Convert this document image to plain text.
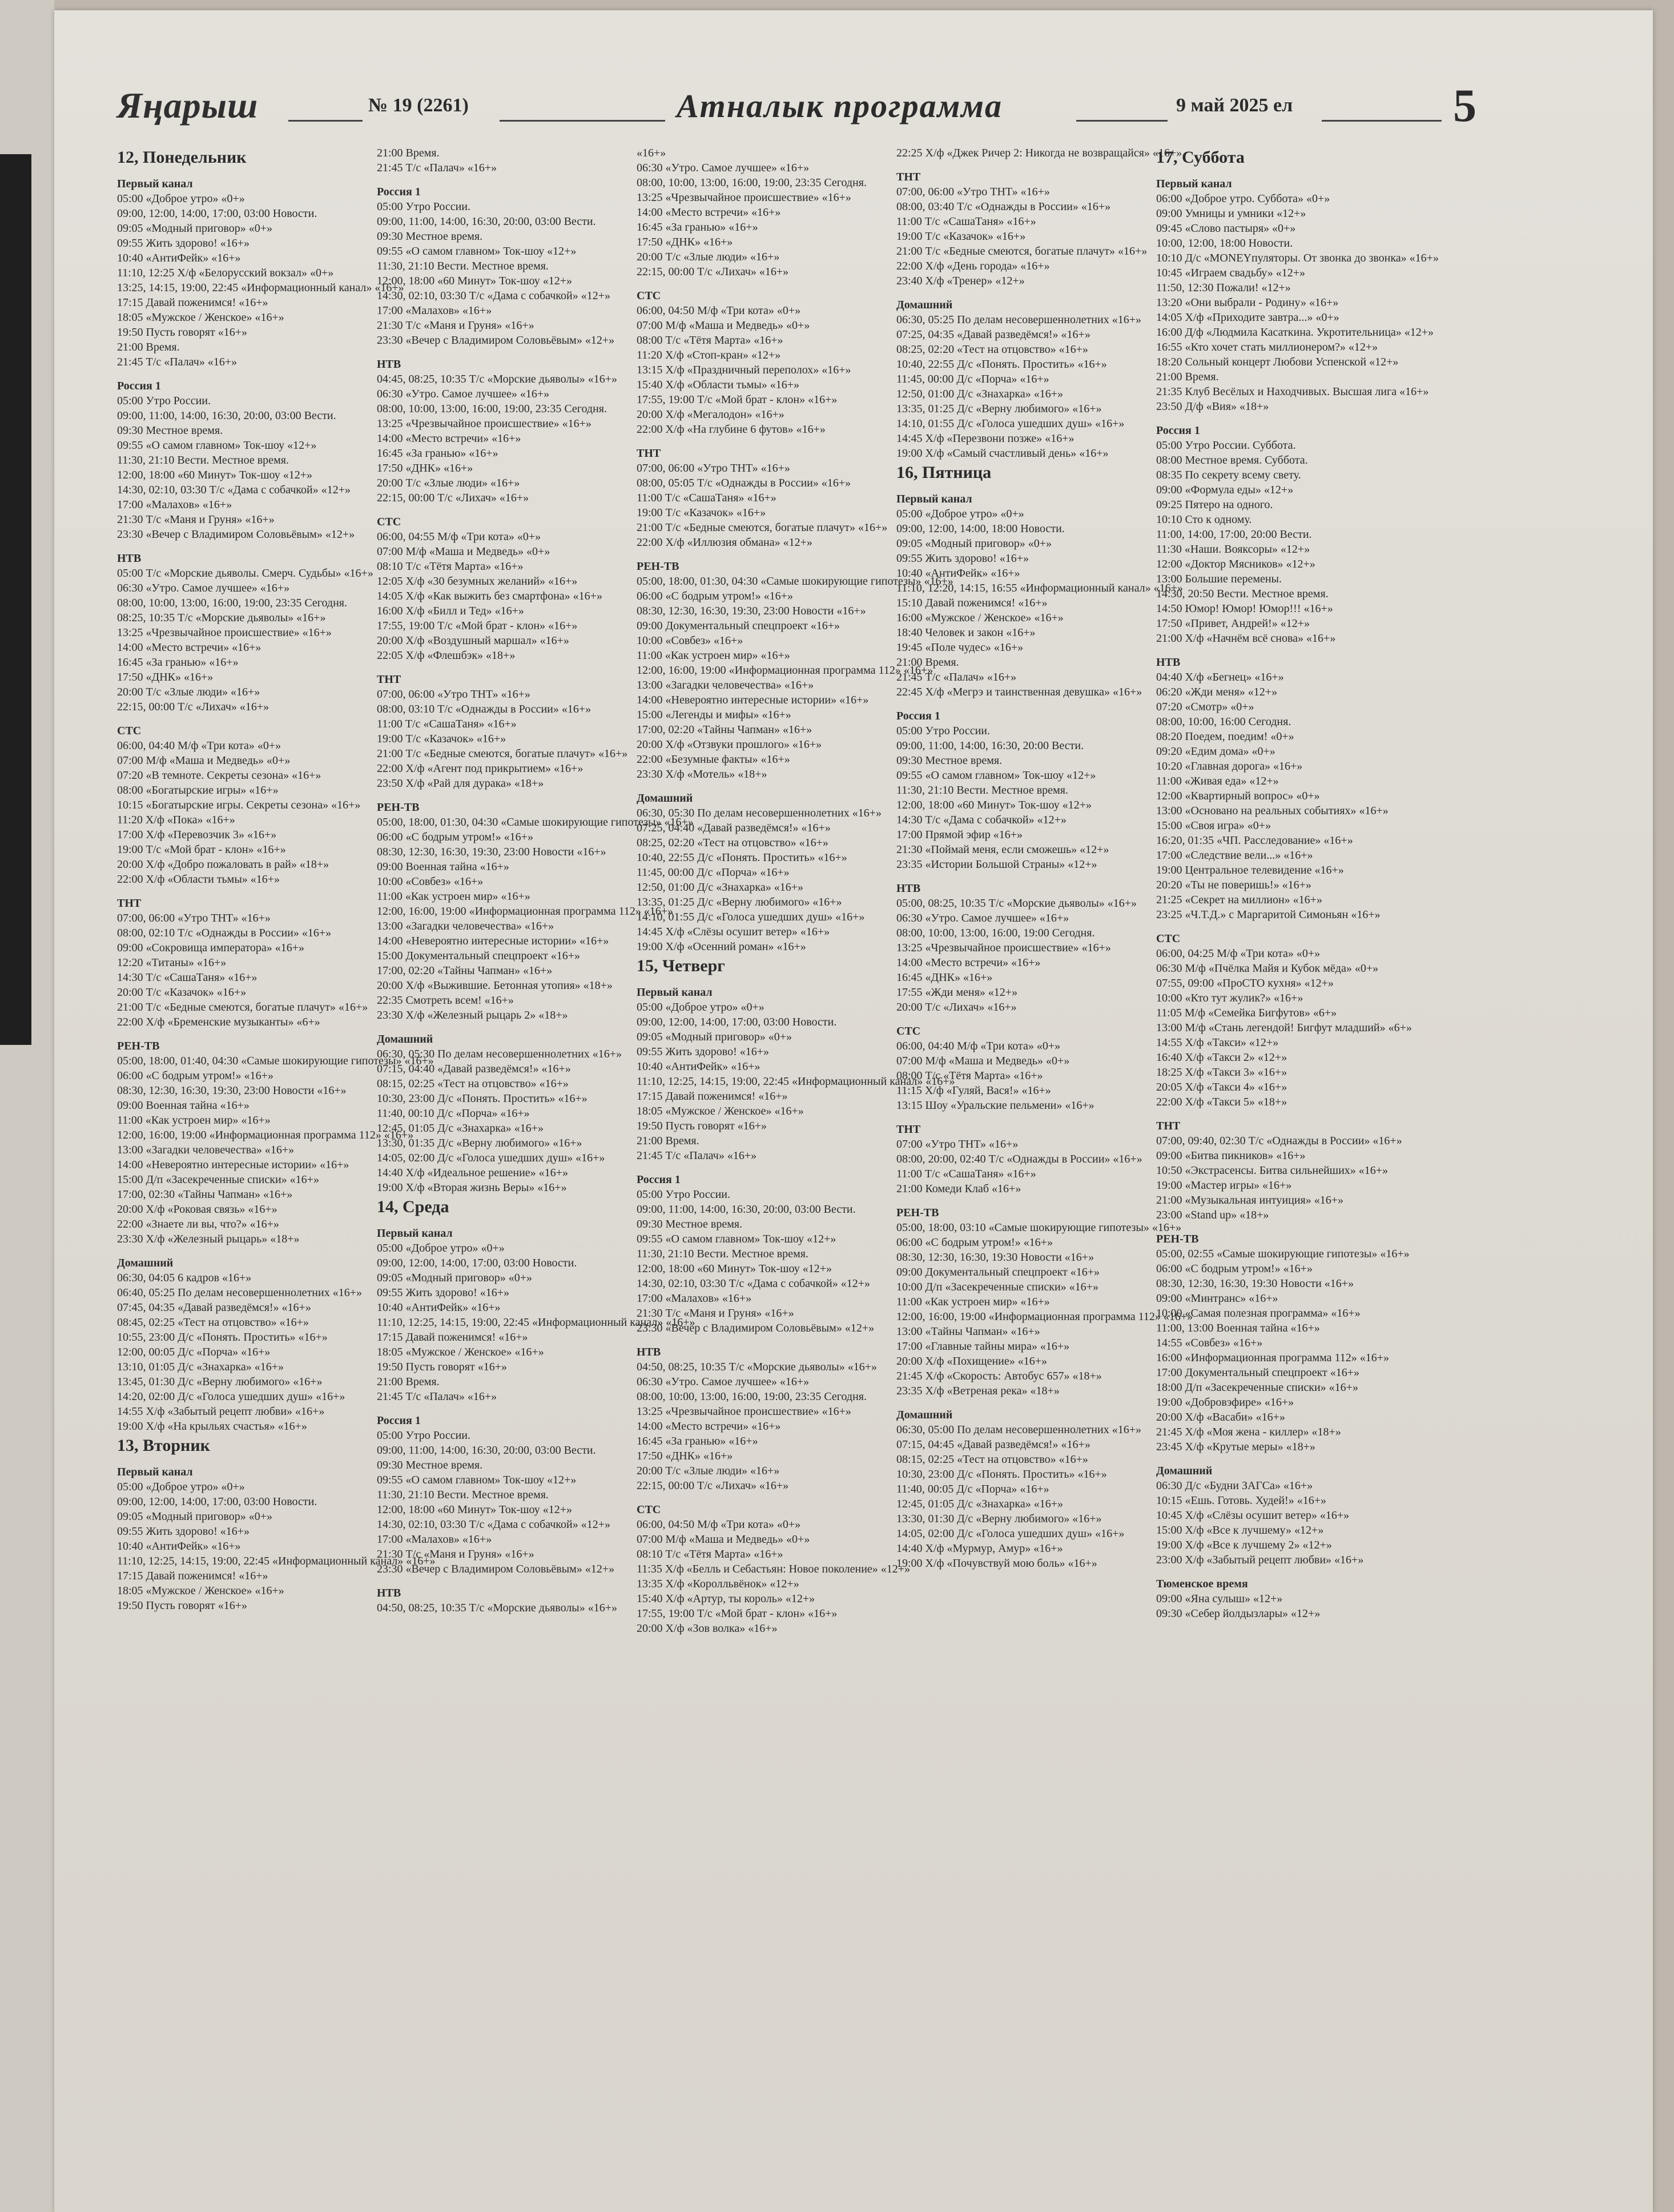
Яңарыш	№ 19 (2261)	Атналык программа	9 май 2025 ел	5
12, Понедельник
Первый канал
05:00 «Доброе утро» «0+»
09:00, 12:00, 14:00, 17:00, 03:00 Новости.
09:05 «Модный приговор» «0+»
09:55 Жить здорово! «16+»
10:40 «АнтиФейк» «16+»
11:10, 12:25 Х/ф «Белорусский вокзал» «0+»
13:25, 14:15, 19:00, 22:45 «Информационный канал» «16+»
17:15 Давай поженимся! «16+»
18:05 «Мужское / Женское» «16+»
19:50 Пусть говорят «16+»
21:00 Время.
21:45 Т/с «Палач» «16+»
Россия 1
05:00 Утро России.
09:00, 11:00, 14:00, 16:30, 20:00, 03:00 Вести.
09:30 Местное время.
09:55 «О самом главном» Ток-шоу «12+»
11:30, 21:10 Вести. Местное время.
12:00, 18:00 «60 Минут» Ток-шоу «12+»
14:30, 02:10, 03:30 Т/с «Дама с собачкой» «12+»
17:00 «Малахов» «16+»
21:30 Т/с «Маня и Груня» «16+»
23:30 «Вечер с Владимиром Соловьёвым» «12+»
НТВ
05:00 Т/с «Морские дьяволы. Смерч. Судьбы» «16+»
06:30 «Утро. Самое лучшее» «16+»
08:00, 10:00, 13:00, 16:00, 19:00, 23:35 Сегодня.
08:25, 10:35 Т/с «Морские дьяволы» «16+»
13:25 «Чрезвычайное происшествие» «16+»
14:00 «Место встречи» «16+»
16:45 «За гранью» «16+»
17:50 «ДНК» «16+»
20:00 Т/с «Злые люди» «16+»
22:15, 00:00 Т/с «Лихач» «16+»
СТС
06:00, 04:40 М/ф «Три кота» «0+»
07:00 М/ф «Маша и Медведь» «0+»
07:20 «В темноте. Секреты сезона» «16+»
08:00 «Богатырские игры» «16+»
10:15 «Богатырские игры. Секреты сезона» «16+»
11:20 Х/ф «Пока» «16+»
17:00 Х/ф «Перевозчик 3» «16+»
19:00 Т/с «Мой брат - клон» «16+»
20:00 Х/ф «Добро пожаловать в рай» «18+»
22:00 Х/ф «Области тьмы» «16+»
ТНТ
07:00, 06:00 «Утро ТНТ» «16+»
08:00, 02:10 Т/с «Однажды в России» «16+»
09:00 «Сокровища императора» «16+»
12:20 «Титаны» «16+»
14:30 Т/с «СашаТаня» «16+»
20:00 Т/с «Казачок» «16+»
21:00 Т/с «Бедные смеются, богатые плачут» «16+»
22:00 Х/ф «Бременские музыканты» «6+»
РЕН-ТВ
05:00, 18:00, 01:40, 04:30 «Самые шокирующие гипотезы» «16+»
06:00 «С бодрым утром!» «16+»
08:30, 12:30, 16:30, 19:30, 23:00 Новости «16+»
09:00 Военная тайна «16+»
11:00 «Как устроен мир» «16+»
12:00, 16:00, 19:00 «Информационная программа 112» «16+»
13:00 «Загадки человечества» «16+»
14:00 «Невероятно интересные истории» «16+»
15:00 Д/п «Засекреченные списки» «16+»
17:00, 02:30 «Тайны Чапман» «16+»
20:00 Х/ф «Роковая связь» «16+»
22:00 «Знаете ли вы, что?» «16+»
23:30 Х/ф «Железный рыцарь» «18+»
Домашний
06:30, 04:05 6 кадров «16+»
06:40, 05:25 По делам несовершеннолетних «16+»
07:45, 04:35 «Давай разведёмся!» «16+»
08:45, 02:25 «Тест на отцовство» «16+»
10:55, 23:00 Д/с «Понять. Простить» «16+»
12:00, 00:05 Д/с «Порча» «16+»
13:10, 01:05 Д/с «Знахарка» «16+»
13:45, 01:30 Д/с «Верну любимого» «16+»
14:20, 02:00 Д/с «Голоса ушедших душ» «16+»
14:55 Х/ф «Забытый рецепт любви» «16+»
19:00 Х/ф «На крыльях счастья» «16+»
13, Вторник
Первый канал
05:00 «Доброе утро» «0+»
09:00, 12:00, 14:00, 17:00, 03:00 Новости.
09:05 «Модный приговор» «0+»
09:55 Жить здорово! «16+»
10:40 «АнтиФейк» «16+»
11:10, 12:25, 14:15, 19:00, 22:45 «Информационный канал» «16+»
17:15 Давай поженимся! «16+»
18:05 «Мужское / Женское» «16+»
19:50 Пусть говорят «16+»
21:00 Время.
21:45 Т/с «Палач» «16+»
Россия 1
05:00 Утро России.
09:00, 11:00, 14:00, 16:30, 20:00, 03:00 Вести.
09:30 Местное время.
09:55 «О самом главном» Ток-шоу «12+»
11:30, 21:10 Вести. Местное время.
12:00, 18:00 «60 Минут» Ток-шоу «12+»
14:30, 02:10, 03:30 Т/с «Дама с собачкой» «12+»
17:00 «Малахов» «16+»
21:30 Т/с «Маня и Груня» «16+»
23:30 «Вечер с Владимиром Соловьёвым» «12+»
НТВ
04:45, 08:25, 10:35 Т/с «Морские дьяволы» «16+»
06:30 «Утро. Самое лучшее» «16+»
08:00, 10:00, 13:00, 16:00, 19:00, 23:35 Сегодня.
13:25 «Чрезвычайное происшествие» «16+»
14:00 «Место встречи» «16+»
16:45 «За гранью» «16+»
17:50 «ДНК» «16+»
20:00 Т/с «Злые люди» «16+»
22:15, 00:00 Т/с «Лихач» «16+»
СТС
06:00, 04:55 М/ф «Три кота» «0+»
07:00 М/ф «Маша и Медведь» «0+»
08:10 Т/с «Тётя Марта» «16+»
12:05 Х/ф «30 безумных желаний» «16+»
14:05 Х/ф «Как выжить без смартфона» «16+»
16:00 Х/ф «Билл и Тед» «16+»
17:55, 19:00 Т/с «Мой брат - клон» «16+»
20:00 Х/ф «Воздушный маршал» «16+»
22:05 Х/ф «Флешбэк» «18+»
ТНТ
07:00, 06:00 «Утро ТНТ» «16+»
08:00, 03:10 Т/с «Однажды в России» «16+»
11:00 Т/с «СашаТаня» «16+»
19:00 Т/с «Казачок» «16+»
21:00 Т/с «Бедные смеются, богатые плачут» «16+»
22:00 Х/ф «Агент под прикрытием» «16+»
23:50 Х/ф «Рай для дурака» «18+»
РЕН-ТВ
05:00, 18:00, 01:30, 04:30 «Самые шокирующие гипотезы» «16+»
06:00 «С бодрым утром!» «16+»
08:30, 12:30, 16:30, 19:30, 23:00 Новости «16+»
09:00 Военная тайна «16+»
10:00 «Совбез» «16+»
11:00 «Как устроен мир» «16+»
12:00, 16:00, 19:00 «Информационная программа 112» «16+»
13:00 «Загадки человечества» «16+»
14:00 «Невероятно интересные истории» «16+»
15:00 Документальный спецпроект «16+»
17:00, 02:20 «Тайны Чапман» «16+»
20:00 Х/ф «Выжившие. Бетонная утопия» «18+»
22:35 Смотреть всем! «16+»
23:30 Х/ф «Железный рыцарь 2» «18+»
Домашний
06:30, 05:30 По делам несовершеннолетних «16+»
07:15, 04:40 «Давай разведёмся!» «16+»
08:15, 02:25 «Тест на отцовство» «16+»
10:30, 23:00 Д/с «Понять. Простить» «16+»
11:40, 00:10 Д/с «Порча» «16+»
12:45, 01:05 Д/с «Знахарка» «16+»
13:30, 01:35 Д/с «Верну любимого» «16+»
14:05, 02:00 Д/с «Голоса ушедших душ» «16+»
14:40 Х/ф «Идеальное решение» «16+»
19:00 Х/ф «Вторая жизнь Веры» «16+»
14, Среда
Первый канал
05:00 «Доброе утро» «0+»
09:00, 12:00, 14:00, 17:00, 03:00 Новости.
09:05 «Модный приговор» «0+»
09:55 Жить здорово! «16+»
10:40 «АнтиФейк» «16+»
11:10, 12:25, 14:15, 19:00, 22:45 «Информационный канал» «16+»
17:15 Давай поженимся! «16+»
18:05 «Мужское / Женское» «16+»
19:50 Пусть говорят «16+»
21:00 Время.
21:45 Т/с «Палач» «16+»
Россия 1
05:00 Утро России.
09:00, 11:00, 14:00, 16:30, 20:00, 03:00 Вести.
09:30 Местное время.
09:55 «О самом главном» Ток-шоу «12+»
11:30, 21:10 Вести. Местное время.
12:00, 18:00 «60 Минут» Ток-шоу «12+»
14:30, 02:10, 03:30 Т/с «Дама с собачкой» «12+»
17:00 «Малахов» «16+»
21:30 Т/с «Маня и Груня» «16+»
23:30 «Вечер с Владимиром Соловьёвым» «12+»
НТВ
04:50, 08:25, 10:35 Т/с «Морские дьяволы» «16+»
«16+»
06:30 «Утро. Самое лучшее» «16+»
08:00, 10:00, 13:00, 16:00, 19:00, 23:35 Сегодня.
13:25 «Чрезвычайное происшествие» «16+»
14:00 «Место встречи» «16+»
16:45 «За гранью» «16+»
17:50 «ДНК» «16+»
20:00 Т/с «Злые люди» «16+»
22:15, 00:00 Т/с «Лихач» «16+»
СТС
06:00, 04:50 М/ф «Три кота» «0+»
07:00 М/ф «Маша и Медведь» «0+»
08:00 Т/с «Тётя Марта» «16+»
11:20 Х/ф «Стоп-кран» «12+»
13:15 Х/ф «Праздничный переполох» «16+»
15:40 Х/ф «Области тьмы» «16+»
17:55, 19:00 Т/с «Мой брат - клон» «16+»
20:00 Х/ф «Мегалодон» «16+»
22:00 Х/ф «На глубине 6 футов» «16+»
ТНТ
07:00, 06:00 «Утро ТНТ» «16+»
08:00, 05:05 Т/с «Однажды в России» «16+»
11:00 Т/с «СашаТаня» «16+»
19:00 Т/с «Казачок» «16+»
21:00 Т/с «Бедные смеются, богатые плачут» «16+»
22:00 Х/ф «Иллюзия обмана» «12+»
РЕН-ТВ
05:00, 18:00, 01:30, 04:30 «Самые шокирующие гипотезы» «16+»
06:00 «С бодрым утром!» «16+»
08:30, 12:30, 16:30, 19:30, 23:00 Новости «16+»
09:00 Документальный спецпроект «16+»
10:00 «Совбез» «16+»
11:00 «Как устроен мир» «16+»
12:00, 16:00, 19:00 «Информационная программа 112» «16+»
13:00 «Загадки человечества» «16+»
14:00 «Невероятно интересные истории» «16+»
15:00 «Легенды и мифы» «16+»
17:00, 02:20 «Тайны Чапман» «16+»
20:00 Х/ф «Отзвуки прошлого» «16+»
22:00 «Безумные факты» «16+»
23:30 Х/ф «Мотель» «18+»
Домашний
06:30, 05:30 По делам несовершеннолетних «16+»
07:25, 04:40 «Давай разведёмся!» «16+»
08:25, 02:20 «Тест на отцовство» «16+»
10:40, 22:55 Д/с «Понять. Простить» «16+»
11:45, 00:00 Д/с «Порча» «16+»
12:50, 01:00 Д/с «Знахарка» «16+»
13:35, 01:25 Д/с «Верну любимого» «16+»
14:10, 01:55 Д/с «Голоса ушедших душ» «16+»
14:45 Х/ф «Слёзы осушит ветер» «16+»
19:00 Х/ф «Осенний роман» «16+»
15, Четверг
Первый канал
05:00 «Доброе утро» «0+»
09:00, 12:00, 14:00, 17:00, 03:00 Новости.
09:05 «Модный приговор» «0+»
09:55 Жить здорово! «16+»
10:40 «АнтиФейк» «16+»
11:10, 12:25, 14:15, 19:00, 22:45 «Информационный канал» «16+»
17:15 Давай поженимся! «16+»
18:05 «Мужское / Женское» «16+»
19:50 Пусть говорят «16+»
21:00 Время.
21:45 Т/с «Палач» «16+»
Россия 1
05:00 Утро России.
09:00, 11:00, 14:00, 16:30, 20:00, 03:00 Вести.
09:30 Местное время.
09:55 «О самом главном» Ток-шоу «12+»
11:30, 21:10 Вести. Местное время.
12:00, 18:00 «60 Минут» Ток-шоу «12+»
14:30, 02:10, 03:30 Т/с «Дама с собачкой» «12+»
17:00 «Малахов» «16+»
21:30 Т/с «Маня и Груня» «16+»
23:30 «Вечер с Владимиром Соловьёвым» «12+»
НТВ
04:50, 08:25, 10:35 Т/с «Морские дьяволы» «16+»
06:30 «Утро. Самое лучшее» «16+»
08:00, 10:00, 13:00, 16:00, 19:00, 23:35 Сегодня.
13:25 «Чрезвычайное происшествие» «16+»
14:00 «Место встречи» «16+»
16:45 «За гранью» «16+»
17:50 «ДНК» «16+»
20:00 Т/с «Злые люди» «16+»
22:15, 00:00 Т/с «Лихач» «16+»
СТС
06:00, 04:50 М/ф «Три кота» «0+»
07:00 М/ф «Маша и Медведь» «0+»
08:10 Т/с «Тётя Марта» «16+»
11:35 Х/ф «Белль и Себастьян: Новое поколение» «12+»
13:35 Х/ф «Королльвёнок» «12+»
15:40 Х/ф «Артур, ты король» «12+»
17:55, 19:00 Т/с «Мой брат - клон» «16+»
20:00 Х/ф «Зов волка» «16+»
22:25 Х/ф «Джек Ричер 2: Никогда не возвращайся» «16+»
ТНТ
07:00, 06:00 «Утро ТНТ» «16+»
08:00, 03:40 Т/с «Однажды в России» «16+»
11:00 Т/с «СашаТаня» «16+»
19:00 Т/с «Казачок» «16+»
21:00 Т/с «Бедные смеются, богатые плачут» «16+»
22:00 Х/ф «День города» «16+»
23:40 Х/ф «Тренер» «12+»
Домашний
06:30, 05:25 По делам несовершеннолетних «16+»
07:25, 04:35 «Давай разведёмся!» «16+»
08:25, 02:20 «Тест на отцовство» «16+»
10:40, 22:55 Д/с «Понять. Простить» «16+»
11:45, 00:00 Д/с «Порча» «16+»
12:50, 01:00 Д/с «Знахарка» «16+»
13:35, 01:25 Д/с «Верну любимого» «16+»
14:10, 01:55 Д/с «Голоса ушедших душ» «16+»
14:45 Х/ф «Перезвони позже» «16+»
19:00 Х/ф «Самый счастливый день» «16+»
16, Пятница
Первый канал
05:00 «Доброе утро» «0+»
09:00, 12:00, 14:00, 18:00 Новости.
09:05 «Модный приговор» «0+»
09:55 Жить здорово! «16+»
10:40 «АнтиФейк» «16+»
11:10, 12:20, 14:15, 16:55 «Информационный канал» «16+»
15:10 Давай поженимся! «16+»
16:00 «Мужское / Женское» «16+»
18:40 Человек и закон «16+»
19:45 «Поле чудес» «16+»
21:00 Время.
21:45 Т/с «Палач» «16+»
22:45 Х/ф «Мегрэ и таинственная девушка» «16+»
Россия 1
05:00 Утро России.
09:00, 11:00, 14:00, 16:30, 20:00 Вести.
09:30 Местное время.
09:55 «О самом главном» Ток-шоу «12+»
11:30, 21:10 Вести. Местное время.
12:00, 18:00 «60 Минут» Ток-шоу «12+»
14:30 Т/с «Дама с собачкой» «12+»
17:00 Прямой эфир «16+»
21:30 «Поймай меня, если сможешь» «12+»
23:35 «Истории Большой Страны» «12+»
НТВ
05:00, 08:25, 10:35 Т/с «Морские дьяволы» «16+»
06:30 «Утро. Самое лучшее» «16+»
08:00, 10:00, 13:00, 16:00, 19:00 Сегодня.
13:25 «Чрезвычайное происшествие» «16+»
14:00 «Место встречи» «16+»
16:45 «ДНК» «16+»
17:55 «Жди меня» «12+»
20:00 Т/с «Лихач» «16+»
СТС
06:00, 04:40 М/ф «Три кота» «0+»
07:00 М/ф «Маша и Медведь» «0+»
08:00 Т/с «Тётя Марта» «16+»
11:15 Х/ф «Гуляй, Вася!» «16+»
13:15 Шоу «Уральские пельмени» «16+»
ТНТ
07:00 «Утро ТНТ» «16+»
08:00, 20:00, 02:40 Т/с «Однажды в России» «16+»
11:00 Т/с «СашаТаня» «16+»
21:00 Комеди Клаб «16+»
РЕН-ТВ
05:00, 18:00, 03:10 «Самые шокирующие гипотезы» «16+»
06:00 «С бодрым утром!» «16+»
08:30, 12:30, 16:30, 19:30 Новости «16+»
09:00 Документальный спецпроект «16+»
10:00 Д/п «Засекреченные списки» «16+»
11:00 «Как устроен мир» «16+»
12:00, 16:00, 19:00 «Информационная программа 112» «16+»
13:00 «Тайны Чапман» «16+»
17:00 «Главные тайны мира» «16+»
20:00 Х/ф «Похищение» «16+»
21:45 Х/ф «Скорость: Автобус 657» «18+»
23:35 Х/ф «Ветреная река» «18+»
Домашний
06:30, 05:00 По делам несовершеннолетних «16+»
07:15, 04:45 «Давай разведёмся!» «16+»
08:15, 02:25 «Тест на отцовство» «16+»
10:30, 23:00 Д/с «Понять. Простить» «16+»
11:40, 00:05 Д/с «Порча» «16+»
12:45, 01:05 Д/с «Знахарка» «16+»
13:30, 01:30 Д/с «Верну любимого» «16+»
14:05, 02:00 Д/с «Голоса ушедших душ» «16+»
14:40 Х/ф «Мурмур, Амур» «16+»
19:00 Х/ф «Почувствуй мою боль» «16+»
17, Суббота
Первый канал
06:00 «Доброе утро. Суббота» «0+»
09:00 Умницы и умники «12+»
09:45 «Слово пастыря» «0+»
10:00, 12:00, 18:00 Новости.
10:10 Д/с «MONEYпуляторы. От звонка до звонка» «16+»
10:45 «Играем свадьбу» «12+»
11:50, 12:30 Пожали! «12+»
13:20 «Они выбрали - Родину» «16+»
14:05 Х/ф «Приходите завтра...» «0+»
16:00 Д/ф «Людмила Касаткина. Укротительница» «12+»
16:55 «Кто хочет стать миллионером?» «12+»
18:20 Сольный концерт Любови Успенской «12+»
21:00 Время.
21:35 Клуб Весёлых и Находчивых. Высшая лига «16+»
23:50 Д/ф «Вия» «18+»
Россия 1
05:00 Утро России. Суббота.
08:00 Местное время. Суббота.
08:35 По секрету всему свету.
09:00 «Формула еды» «12+»
09:25 Пятеро на одного.
10:10 Сто к одному.
11:00, 14:00, 17:00, 20:00 Вести.
11:30 «Наши. Вояксоры» «12+»
12:00 «Доктор Мясников» «12+»
13:00 Большие перемены.
14:30, 20:50 Вести. Местное время.
14:50 Юмор! Юмор! Юмор!!! «16+»
17:50 «Привет, Андрей!» «12+»
21:00 Х/ф «Начнём всё снова» «16+»
НТВ
04:40 Х/ф «Бегнец» «16+»
06:20 «Жди меня» «12+»
07:20 «Смотр» «0+»
08:00, 10:00, 16:00 Сегодня.
08:20 Поедем, поедим! «0+»
09:20 «Едим дома» «0+»
10:20 «Главная дорога» «16+»
11:00 «Живая еда» «12+»
12:00 «Квартирный вопрос» «0+»
13:00 «Основано на реальных событиях» «16+»
15:00 «Своя игра» «0+»
16:20, 01:35 «ЧП. Расследование» «16+»
17:00 «Следствие вели...» «16+»
19:00 Центральное телевидение «16+»
20:20 «Ты не поверишь!» «16+»
21:25 «Секрет на миллион» «16+»
23:25 «Ч.Т.Д.» с Маргаритой Симоньян «16+»
СТС
06:00, 04:25 М/ф «Три кота» «0+»
06:30 М/ф «Пчёлка Майя и Кубок мёда» «0+»
07:55, 09:00 «ПроСТО кухня» «12+»
10:00 «Кто тут жулик?» «16+»
11:05 М/ф «Семейка Бигфутов» «6+»
13:00 М/ф «Стань легендой! Бигфут младший» «6+»
14:55 Х/ф «Такси» «12+»
16:40 Х/ф «Такси 2» «12+»
18:25 Х/ф «Такси 3» «16+»
20:05 Х/ф «Такси 4» «16+»
22:00 Х/ф «Такси 5» «18+»
ТНТ
07:00, 09:40, 02:30 Т/с «Однажды в России» «16+»
09:00 «Битва пикников» «16+»
10:50 «Экстрасенсы. Битва сильнейших» «16+»
19:00 «Мастер игры» «16+»
21:00 «Музыкальная интуиция» «16+»
23:00 «Stand up» «18+»
РЕН-ТВ
05:00, 02:55 «Самые шокирующие гипотезы» «16+»
06:00 «С бодрым утром!» «16+»
08:30, 12:30, 16:30, 19:30 Новости «16+»
09:00 «Минтранс» «16+»
10:00 «Самая полезная программа» «16+»
11:00, 13:00 Военная тайна «16+»
14:55 «Совбез» «16+»
16:00 «Информационная программа 112» «16+»
17:00 Документальный спецпроект «16+»
18:00 Д/п «Засекреченные списки» «16+»
19:00 «Добровэфире» «16+»
20:00 Х/ф «Васаби» «16+»
21:45 Х/ф «Моя жена - киллер» «18+»
23:45 Х/ф «Крутые меры» «18+»
Домашний
06:30 Д/с «Будни ЗАГСа» «16+»
10:15 «Ешь. Готовь. Худей!» «16+»
10:45 Х/ф «Слёзы осушит ветер» «16+»
15:00 Х/ф «Все к лучшему» «12+»
19:00 Х/ф «Все к лучшему 2» «12+»
23:00 Х/ф «Забытый рецепт любви» «16+»
Тюменское время
09:00 «Яна сулыш» «12+»
09:30 «Себер йолдызлары» «12+»
